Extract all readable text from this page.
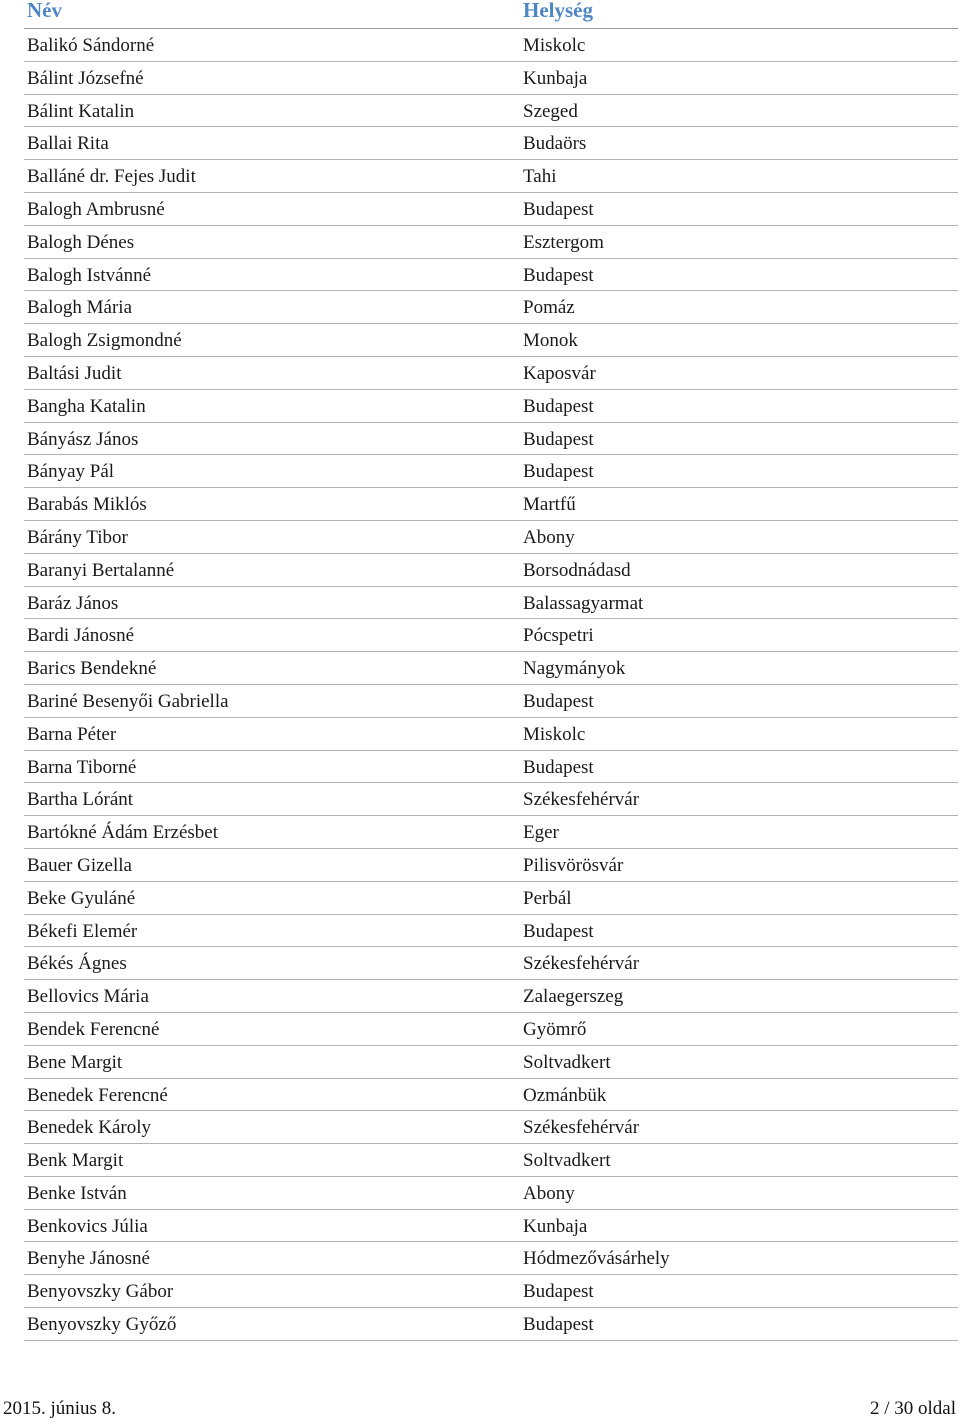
Név	Helység
Balikó Sándorné	Miskolc
Bálint Józsefné	Kunbaja
Bálint Katalin	Szeged
Ballai Rita	Budaörs
Balláné dr. Fejes Judit	Tahi
Balogh Ambrusné	Budapest
Balogh Dénes	Esztergom
Balogh Istvánné	Budapest
Balogh Mária	Pomáz
Balogh Zsigmondné	Monok
Baltási Judit	Kaposvár
Bangha Katalin	Budapest
Bányász János	Budapest
Bányay Pál	Budapest
Barabás Miklós	Martfű
Bárány Tibor	Abony
Baranyi Bertalanné	Borsodnádasd
Baráz János	Balassagyarmat
Bardi Jánosné	Pócspetri
Barics Bendekné	Nagymányok
Bariné Besenyői Gabriella	Budapest
Barna Péter	Miskolc
Barna Tiborné	Budapest
Bartha Lóránt	Székesfehérvár
Bartókné Ádám Erzésbet	Eger
Bauer Gizella	Pilisvörösvár
Beke Gyuláné	Perbál
Békefi Elemér	Budapest
Békés Ágnes	Székesfehérvár
Bellovics Mária	Zalaegerszeg
Bendek Ferencné	Gyömrő
Bene Margit	Soltvadkert
Benedek Ferencné	Ozmánbük
Benedek Károly	Székesfehérvár
Benk Margit	Soltvadkert
Benke István	Abony
Benkovics Júlia	Kunbaja
Benyhe Jánosné	Hódmezővásárhely
Benyovszky Gábor	Budapest
Benyovszky Győző	Budapest
2015. június 8.	2 / 30 oldal
